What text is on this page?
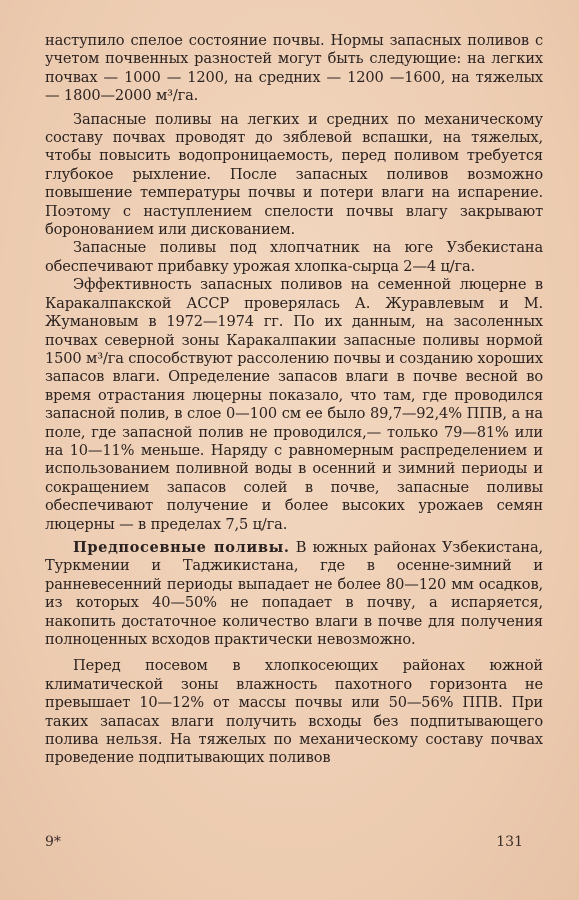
наступило спелое состояние почвы. Нормы запасных поливов с учетом почвенных разностей могут быть следующие: на легких почвах — 1000 — 1200, на средних — 1200 —1600, на тяжелых — 1800—2000 м³/га.

Запасные поливы на легких и средних по механическому составу почвах проводят до зяблевой вспашки, на тяжелых, чтобы повысить водопроницаемость, перед поливом требуется глубокое рыхление. После запасных поливов возможно повышение температуры почвы и потери влаги на испарение. Поэтому с наступлением спелости почвы влагу закрывают боронованием или дискованием.

Запасные поливы под хлопчатник на юге Узбекистана обеспечивают прибавку урожая хлопка-сырца 2—4 ц/га.

Эффективность запасных поливов на семенной люцерне в Каракалпакской АССР проверялась А. Журавлевым и М. Жумановым в 1972—1974 гг. По их данным, на засоленных почвах северной зоны Каракалпакии запасные поливы нормой 1500 м³/га способствуют рассолению почвы и созданию хороших запасов влаги. Определение запасов влаги в почве весной во время отрастания люцерны показало, что там, где проводился запасной полив, в слое 0—100 см ее было 89,7—92,4% ППВ, а на поле, где запасной полив не проводился,— только 79—81% или на 10—11% меньше. Наряду с равномерным распределением и использованием поливной воды в осенний и зимний периоды и сокращением запасов солей в почве, запасные поливы обеспечивают получение и более высоких урожаев семян люцерны — в пределах 7,5 ц/га.

Предпосевные поливы. В южных районах Узбекистана, Туркмении и Таджикистана, где в осенне-зимний и ранневесенний периоды выпадает не более 80—120 мм осадков, из которых 40—50% не попадает в почву, а испаряется, накопить достаточное количество влаги в почве для получения полноценных всходов практически невозможно.

Перед посевом в хлопкосеющих районах южной климатической зоны влажность пахотного горизонта не превышает 10—12% от массы почвы или 50—56% ППВ. При таких запасах влаги получить всходы без подпитывающего полива нельзя. На тяжелых по механическому составу почвах проведение подпитывающих поливов

9*	131
